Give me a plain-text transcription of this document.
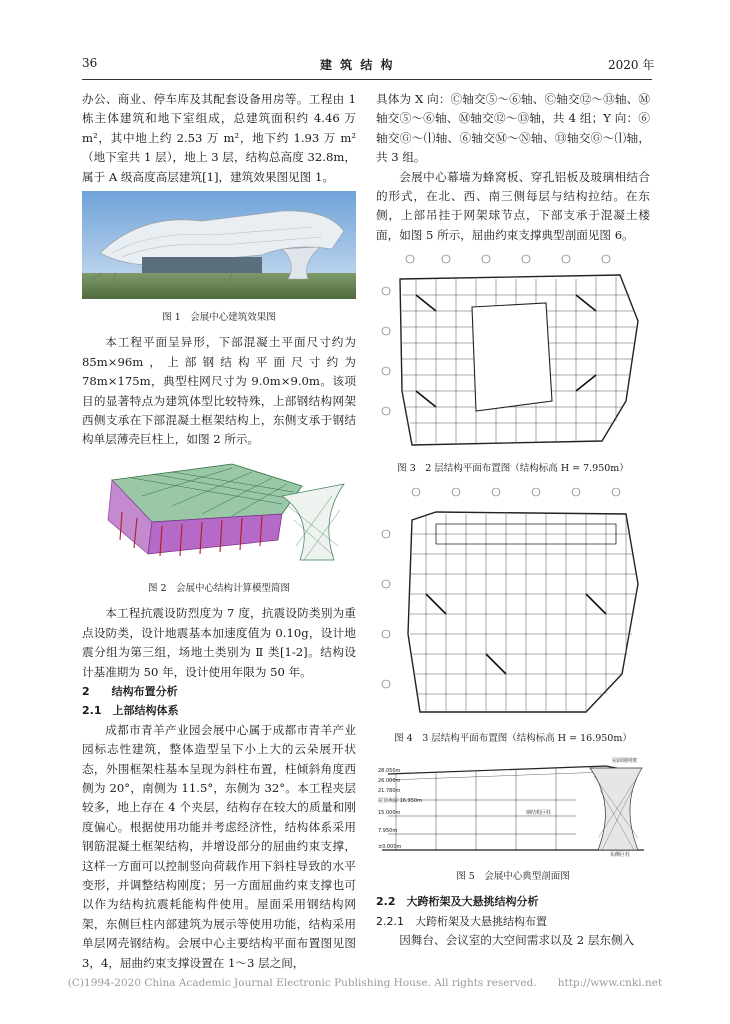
36	建 筑 结 构	2020 年

办公、商业、停车库及其配套设备用房等。工程由 1 栋主体建筑和地下室组成，总建筑面积约 4.46 万 m²，其中地上约 2.53 万 m²，地下约 1.93 万 m²（地下室共 1 层），地上 3 层，结构总高度 32.8m，属于 A 级高度高层建筑[1]，建筑效果图见图 1。

图 1　会展中心建筑效果图

本工程平面呈异形，下部混凝土平面尺寸约为 85m×96m，上部钢结构平面尺寸约为 78m×175m，典型柱网尺寸为 9.0m×9.0m。该项目的显著特点为建筑体型比较特殊，上部钢结构网架西侧支承在下部混凝土框架结构上，东侧支承于钢结构单层薄壳巨柱上，如图 2 所示。

图 2　会展中心结构计算模型简图

本工程抗震设防烈度为 7 度，抗震设防类别为重点设防类，设计地震基本加速度值为 0.10g，设计地震分组为第三组，场地土类别为 Ⅱ 类[1-2]。结构设计基准期为 50 年，设计使用年限为 50 年。

2　　结构布置分析

2.1　上部结构体系

成都市青羊产业园会展中心属于成都市青羊产业园标志性建筑，整体造型呈下小上大的云朵展开状态，外围框架柱基本呈现为斜柱布置，柱倾斜角度西侧为 20°，南侧为 11.5°，东侧为 32°。本工程夹层较多，地上存在 4 个夹层，结构存在较大的质量和刚度偏心。根据使用功能并考虑经济性，结构体系采用钢筋混凝土框架结构，并增设部分的屈曲约束支撑，这样一方面可以控制竖向荷载作用下斜柱导致的水平变形，并调整结构刚度；另一方面屈曲约束支撑也可以作为结构抗震耗能构件使用。屋面采用钢结构网架，东侧巨柱内部建筑为展示等使用功能，结构采用单层网壳钢结构。会展中心主要结构平面布置图见图 3，4，屈曲约束支撑设置在 1～3 层之间，

具体为 X 向：Ⓒ轴交⑤～⑥轴、Ⓒ轴交⑫～⑬轴、Ⓜ轴交⑤～⑥轴、Ⓜ轴交⑫～⑬轴，共 4 组；Y 向：⑥轴交Ⓖ～⒧轴、⑥轴交Ⓜ～Ⓝ轴、⑬轴交Ⓖ～⒧轴，共 3 组。

会展中心幕墙为蜂窝板、穿孔铝板及玻璃相结合的形式，在北、西、南三侧每层与结构拉结。在东侧，上部吊挂于网架球节点，下部支承于混凝土楼面，如图 5 所示，屈曲约束支撑典型剖面见图 6。

图 3　2 层结构平面布置图（结构标高 H = 7.950m）
图 4　3 层结构平面布置图（结构标高 H = 16.950m）
28.050m
26.000m
21.780m
屋顶夹层 16.950m
15.000m
7.950m
±0.000m
屋面钢网架
钢结构巨柱
东侧巨柱
图 5　会展中心典型剖面图

2.2　大跨桁架及大悬挑结构分析

2.2.1　大跨桁架及大悬挑结构布置

因舞台、会议室的大空间需求以及 2 层东侧入

(C)1994-2020 China Academic Journal Electronic Publishing House. All rights reserved.　　http://www.cnki.net
